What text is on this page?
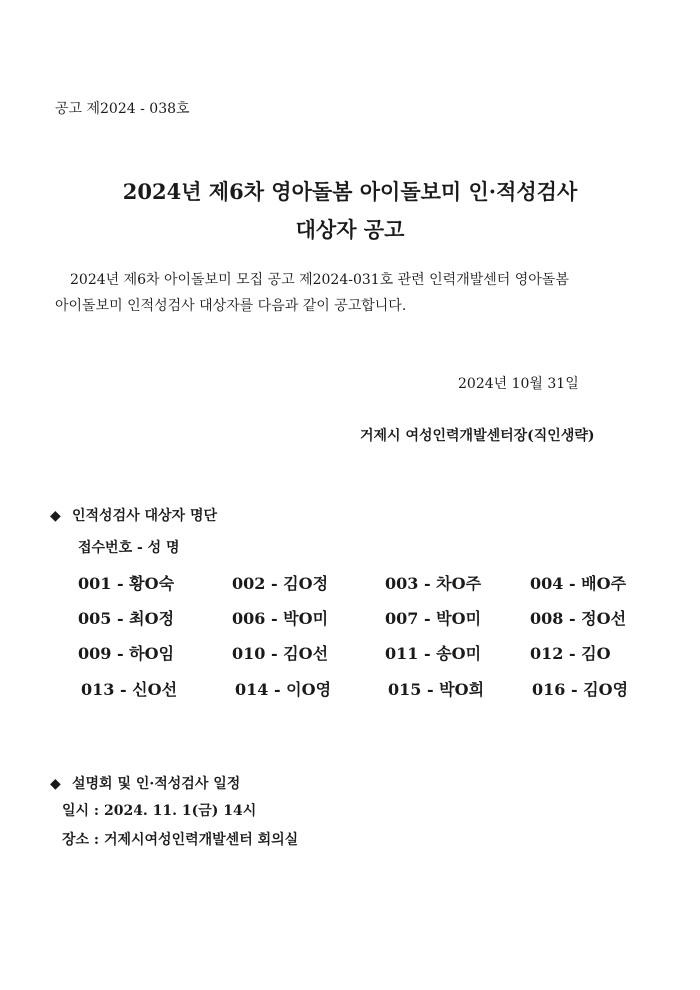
공고 제2024 - 038호
2024년 제6차 영아돌봄 아이돌보미 인·적성검사
대상자 공고
2024년 제6차 아이돌보미 모집 공고 제2024-031호 관련 인력개발센터 영아돌봄
아이돌보미 인적성검사 대상자를 다음과 같이 공고합니다.
2024년 10월 31일
거제시 여성인력개발센터장(직인생략)
◆ 인적성검사 대상자 명단
접수번호 - 성 명
001 - 황O숙	002 - 김O정	003 - 차O주	004 - 배O주
005 - 최O정	006 - 박O미	007 - 박O미	008 - 정O선
009 - 하O임	010 - 김O선	011 - 송O미	012 - 김O
013 - 신O선	014 - 이O영	015 - 박O희	016 - 김O영
◆ 설명회 및 인·적성검사 일정
일시 : 2024. 11. 1(금) 14시
장소 : 거제시여성인력개발센터 회의실
